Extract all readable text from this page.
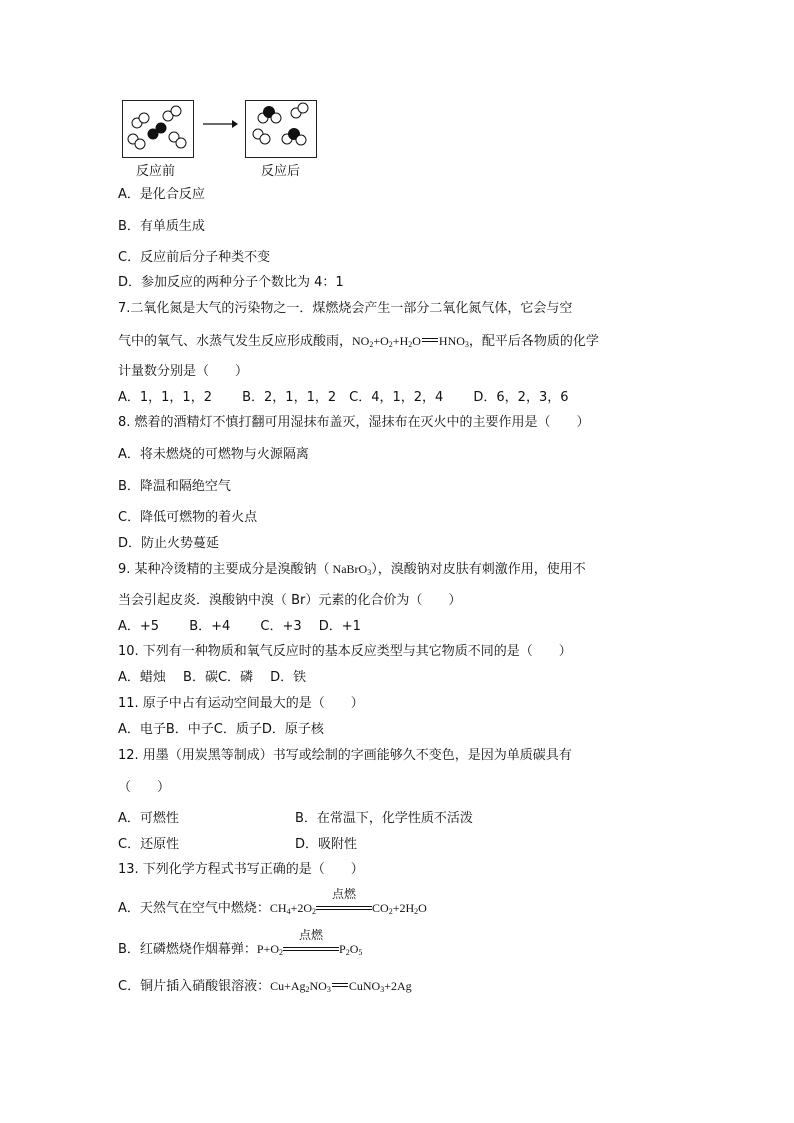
反应前	反应后
A．是化合反应
B．有单质生成
C．反应前后分子种类不变
D．参加反应的两种分子个数比为 4：1
7.二氧化氮是大气的污染物之一．煤燃烧会产生一部分二氧化氮气体，它会与空
气中的氧气、水蒸气发生反应形成酸雨，$NO_2+O_2+H_2O$ $HNO_3$，配平后各物质的化学
计量数分别是（　　）
A．1，1，1，2　　 B．2，1，1，2　C．4，1，2，4　　 D．6，2，3，6
8. 燃着的酒精灯不慎打翻可用湿抹布盖灭，湿抹布在灭火中的主要作用是（　　）
A．将未燃烧的可燃物与火源隔离
B．降温和隔绝空气
C．降低可燃物的着火点
D．防止火势蔓延
9. 某种冷烫精的主要成分是溴酸钠（ NaBrO$_3$），溴酸钠对皮肤有刺激作用，使用不
当会引起皮炎．溴酸钠中溴（ Br）元素的化合价为（　　）
A．+5　　 B．+4　　 C．+3　 D．+1
10. 下列有一种物质和氧气反应时的基本反应类型与其它物质不同的是（　　）
A．蜡烛　 B．碳C．磷　 D．铁
11. 原子中占有运动空间最大的是（　　）
A．电子B．中子C．质子D．原子核
12. 用墨（用炭黑等制成）书写或绘制的字画能够久不变色，是因为单质碳具有
（　　）
A．可燃性	B．在常温下，化学性质不活泼
C．还原性	D．吸附性
13. 下列化学方程式书写正确的是（　　）
A．天然气在空气中燃烧：$CH_4+2O_2$
点燃
$CO_2+2H_2O$
B．红磷燃烧作烟幕弹：$P+O_2$
点燃
$P_2O_5$
C．铜片插入硝酸银溶液：$Cu+Ag_2NO_3$ CuNO$_3$+2Ag
